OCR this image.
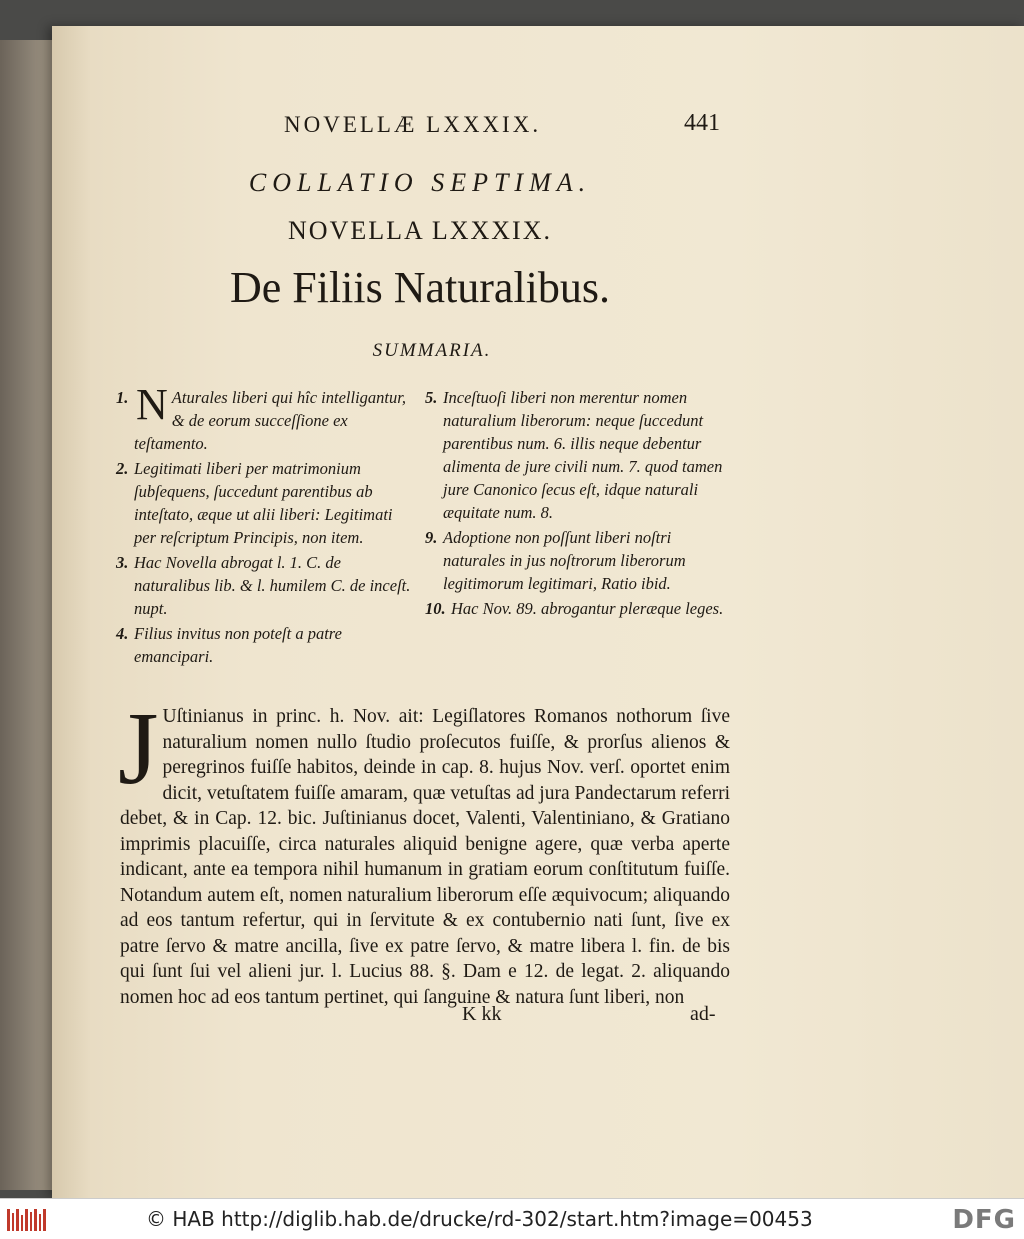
NOVELLÆ LXXXIX.	441
COLLATIO SEPTIMA.
NOVELLA LXXXIX.
De Filiis Naturalibus.
SUMMARIA.
1. N Aturales liberi qui hîc intelligantur, & de eorum succeſſione ex teſtamento.
2. Legitimati liberi per matrimonium ſubſequens, ſuccedunt parentibus ab inteſtato, æque ut alii liberi: Legitimati per reſcriptum Principis, non item.
3. Hac Novella abrogat l. 1. C. de naturalibus lib. & l. humilem C. de inceſt. nupt.
4. Filius invitus non poteſt a patre emancipari.
5. Inceſtuoſi liberi non merentur nomen naturalium liberorum: neque ſuccedunt parentibus num. 6. illis neque debentur alimenta de jure civili num. 7. quod tamen jure Canonico ſecus eſt, idque naturali æquitate num. 8.
9. Adoptione non poſſunt liberi noſtri naturales in jus noſtrorum liberorum legitimorum legitimari, Ratio ibid.
10. Hac Nov. 89. abrogantur pleræque leges.
J Uſtinianus in princ. h. Nov. ait: Legiſlatores Romanos nothorum ſive naturalium nomen nullo ſtudio proſecutos fuiſſe, & prorſus alienos & peregrinos fuiſſe habitos, deinde in cap. 8. hujus Nov. verſ. oportet enim dicit, vetuſtatem fuiſſe amaram, quæ vetuſtas ad jura Pandectarum referri debet, & in Cap. 12. bic. Juſtinianus docet, Valenti, Valentiniano, & Gratiano imprimis placuiſſe, circa naturales aliquid benigne agere, quæ verba aperte indicant, ante ea tempora nihil humanum in gratiam eorum conſtitutum fuiſſe. Notandum autem eſt, nomen naturalium liberorum eſſe æquivocum; aliquando ad eos tantum refertur, qui in ſervitute & ex contubernio nati ſunt, ſive ex patre ſervo & matre ancilla, ſive ex patre ſervo, & matre libera l. fin. de bis qui ſunt ſui vel alieni jur. l. Lucius 88. §. Dam e 12. de legat. 2. aliquando nomen hoc ad eos tantum pertinet, qui ſanguine & natura ſunt liberi, non
K kk	ad-
© HAB http://diglib.hab.de/drucke/rd-302/start.htm?image=00453	DFG
